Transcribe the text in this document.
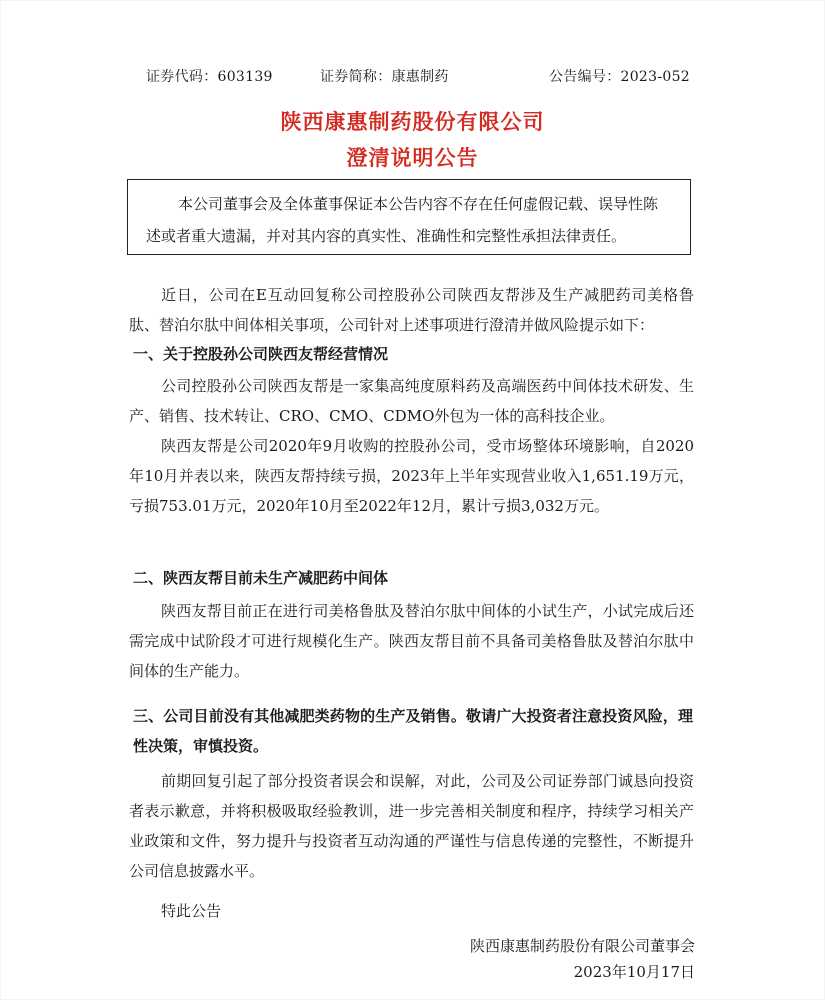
证券代码：603139	证券简称：康惠制药	公告编号：2023-052
陕西康惠制药股份有限公司
澄清说明公告
本公司董事会及全体董事保证本公告内容不存在任何虚假记载、误导性陈述或者重大遗漏，并对其内容的真实性、准确性和完整性承担法律责任。
近日，公司在E互动回复称公司控股孙公司陕西友帮涉及生产减肥药司美格鲁肽、替泊尔肽中间体相关事项，公司针对上述事项进行澄清并做风险提示如下：
一、关于控股孙公司陕西友帮经营情况
公司控股孙公司陕西友帮是一家集高纯度原料药及高端医药中间体技术研发、生产、销售、技术转让、CRO、CMO、CDMO外包为一体的高科技企业。
陕西友帮是公司2020年9月收购的控股孙公司，受市场整体环境影响，自2020年10月并表以来，陕西友帮持续亏损，2023年上半年实现营业收入1,651.19万元，亏损753.01万元，2020年10月至2022年12月，累计亏损3,032万元。
二、陕西友帮目前未生产减肥药中间体
陕西友帮目前正在进行司美格鲁肽及替泊尔肽中间体的小试生产，小试完成后还需完成中试阶段才可进行规模化生产。陕西友帮目前不具备司美格鲁肽及替泊尔肽中间体的生产能力。
三、公司目前没有其他减肥类药物的生产及销售。敬请广大投资者注意投资风险，理性决策，审慎投资。
前期回复引起了部分投资者误会和误解，对此，公司及公司证券部门诚恳向投资者表示歉意，并将积极吸取经验教训，进一步完善相关制度和程序，持续学习相关产业政策和文件，努力提升与投资者互动沟通的严谨性与信息传递的完整性，不断提升公司信息披露水平。
特此公告
陕西康惠制药股份有限公司董事会
2023年10月17日
